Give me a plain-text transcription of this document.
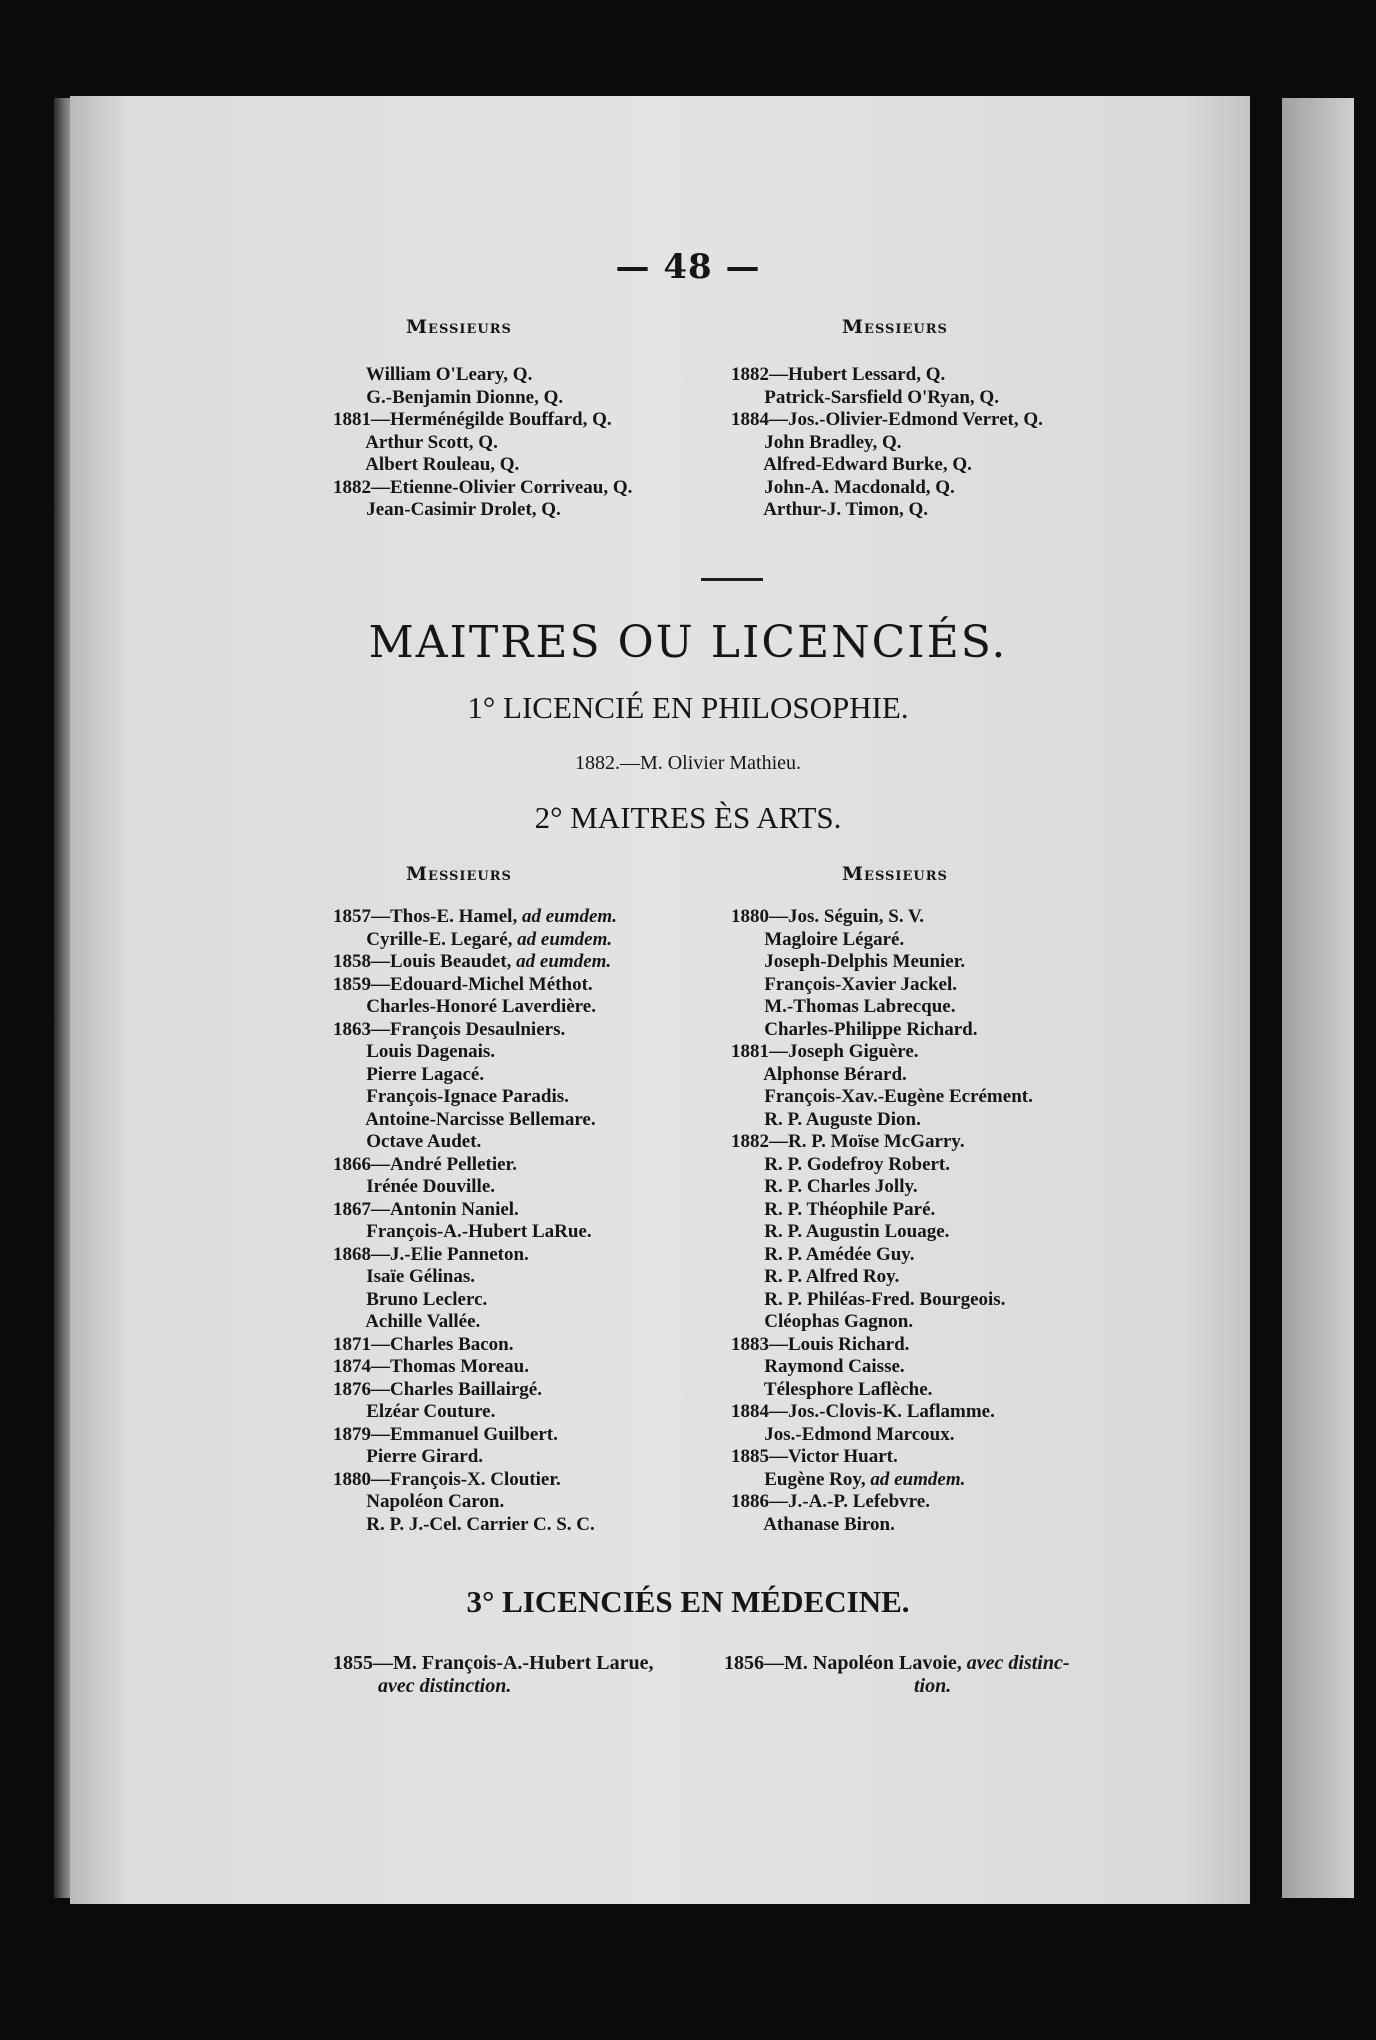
— 48 —
Messieurs	Messieurs
William O'Leary, Q.
G.-Benjamin Dionne, Q.
1881—Herménégilde Bouffard, Q.
Arthur Scott, Q.
Albert Rouleau, Q.
1882—Etienne-Olivier Corriveau, Q.
Jean-Casimir Drolet, Q.
1882—Hubert Lessard, Q.
Patrick-Sarsfield O'Ryan, Q.
1884—Jos.-Olivier-Edmond Verret, Q.
John Bradley, Q.
Alfred-Edward Burke, Q.
John-A. Macdonald, Q.
Arthur-J. Timon, Q.
MAITRES OU LICENCIÉS.
1° LICENCIÉ EN PHILOSOPHIE.
1882.—M. Olivier Mathieu.
2° MAITRES ÈS ARTS.
Messieurs	Messieurs
1857—Thos-E. Hamel, ad eumdem.
Cyrille-E. Legaré, ad eumdem.
1858—Louis Beaudet, ad eumdem.
1859—Edouard-Michel Méthot.
Charles-Honoré Laverdière.
1863—François Desaulniers.
Louis Dagenais.
Pierre Lagacé.
François-Ignace Paradis.
Antoine-Narcisse Bellemare.
Octave Audet.
1866—André Pelletier.
Irénée Douville.
1867—Antonin Naniel.
François-A.-Hubert LaRue.
1868—J.-Elie Panneton.
Isaïe Gélinas.
Bruno Leclerc.
Achille Vallée.
1871—Charles Bacon.
1874—Thomas Moreau.
1876—Charles Baillairgé.
Elzéar Couture.
1879—Emmanuel Guilbert.
Pierre Girard.
1880—François-X. Cloutier.
Napoléon Caron.
R. P. J.-Cel. Carrier C. S. C.
1880—Jos. Séguin, S. V.
Magloire Légaré.
Joseph-Delphis Meunier.
François-Xavier Jackel.
M.-Thomas Labrecque.
Charles-Philippe Richard.
1881—Joseph Giguère.
Alphonse Bérard.
François-Xav.-Eugène Ecrément.
R. P. Auguste Dion.
1882—R. P. Moïse McGarry.
R. P. Godefroy Robert.
R. P. Charles Jolly.
R. P. Théophile Paré.
R. P. Augustin Louage.
R. P. Amédée Guy.
R. P. Alfred Roy.
R. P. Philéas-Fred. Bourgeois.
Cléophas Gagnon.
1883—Louis Richard.
Raymond Caisse.
Télesphore Laflèche.
1884—Jos.-Clovis-K. Laflamme.
Jos.-Edmond Marcoux.
1885—Victor Huart.
Eugène Roy, ad eumdem.
1886—J.-A.-P. Lefebvre.
Athanase Biron.
3° LICENCIÉS EN MÉDECINE.
1855—M. François-A.-Hubert Larue,
avec distinction.
1856—M. Napoléon Lavoie, avec distinc-
tion.
